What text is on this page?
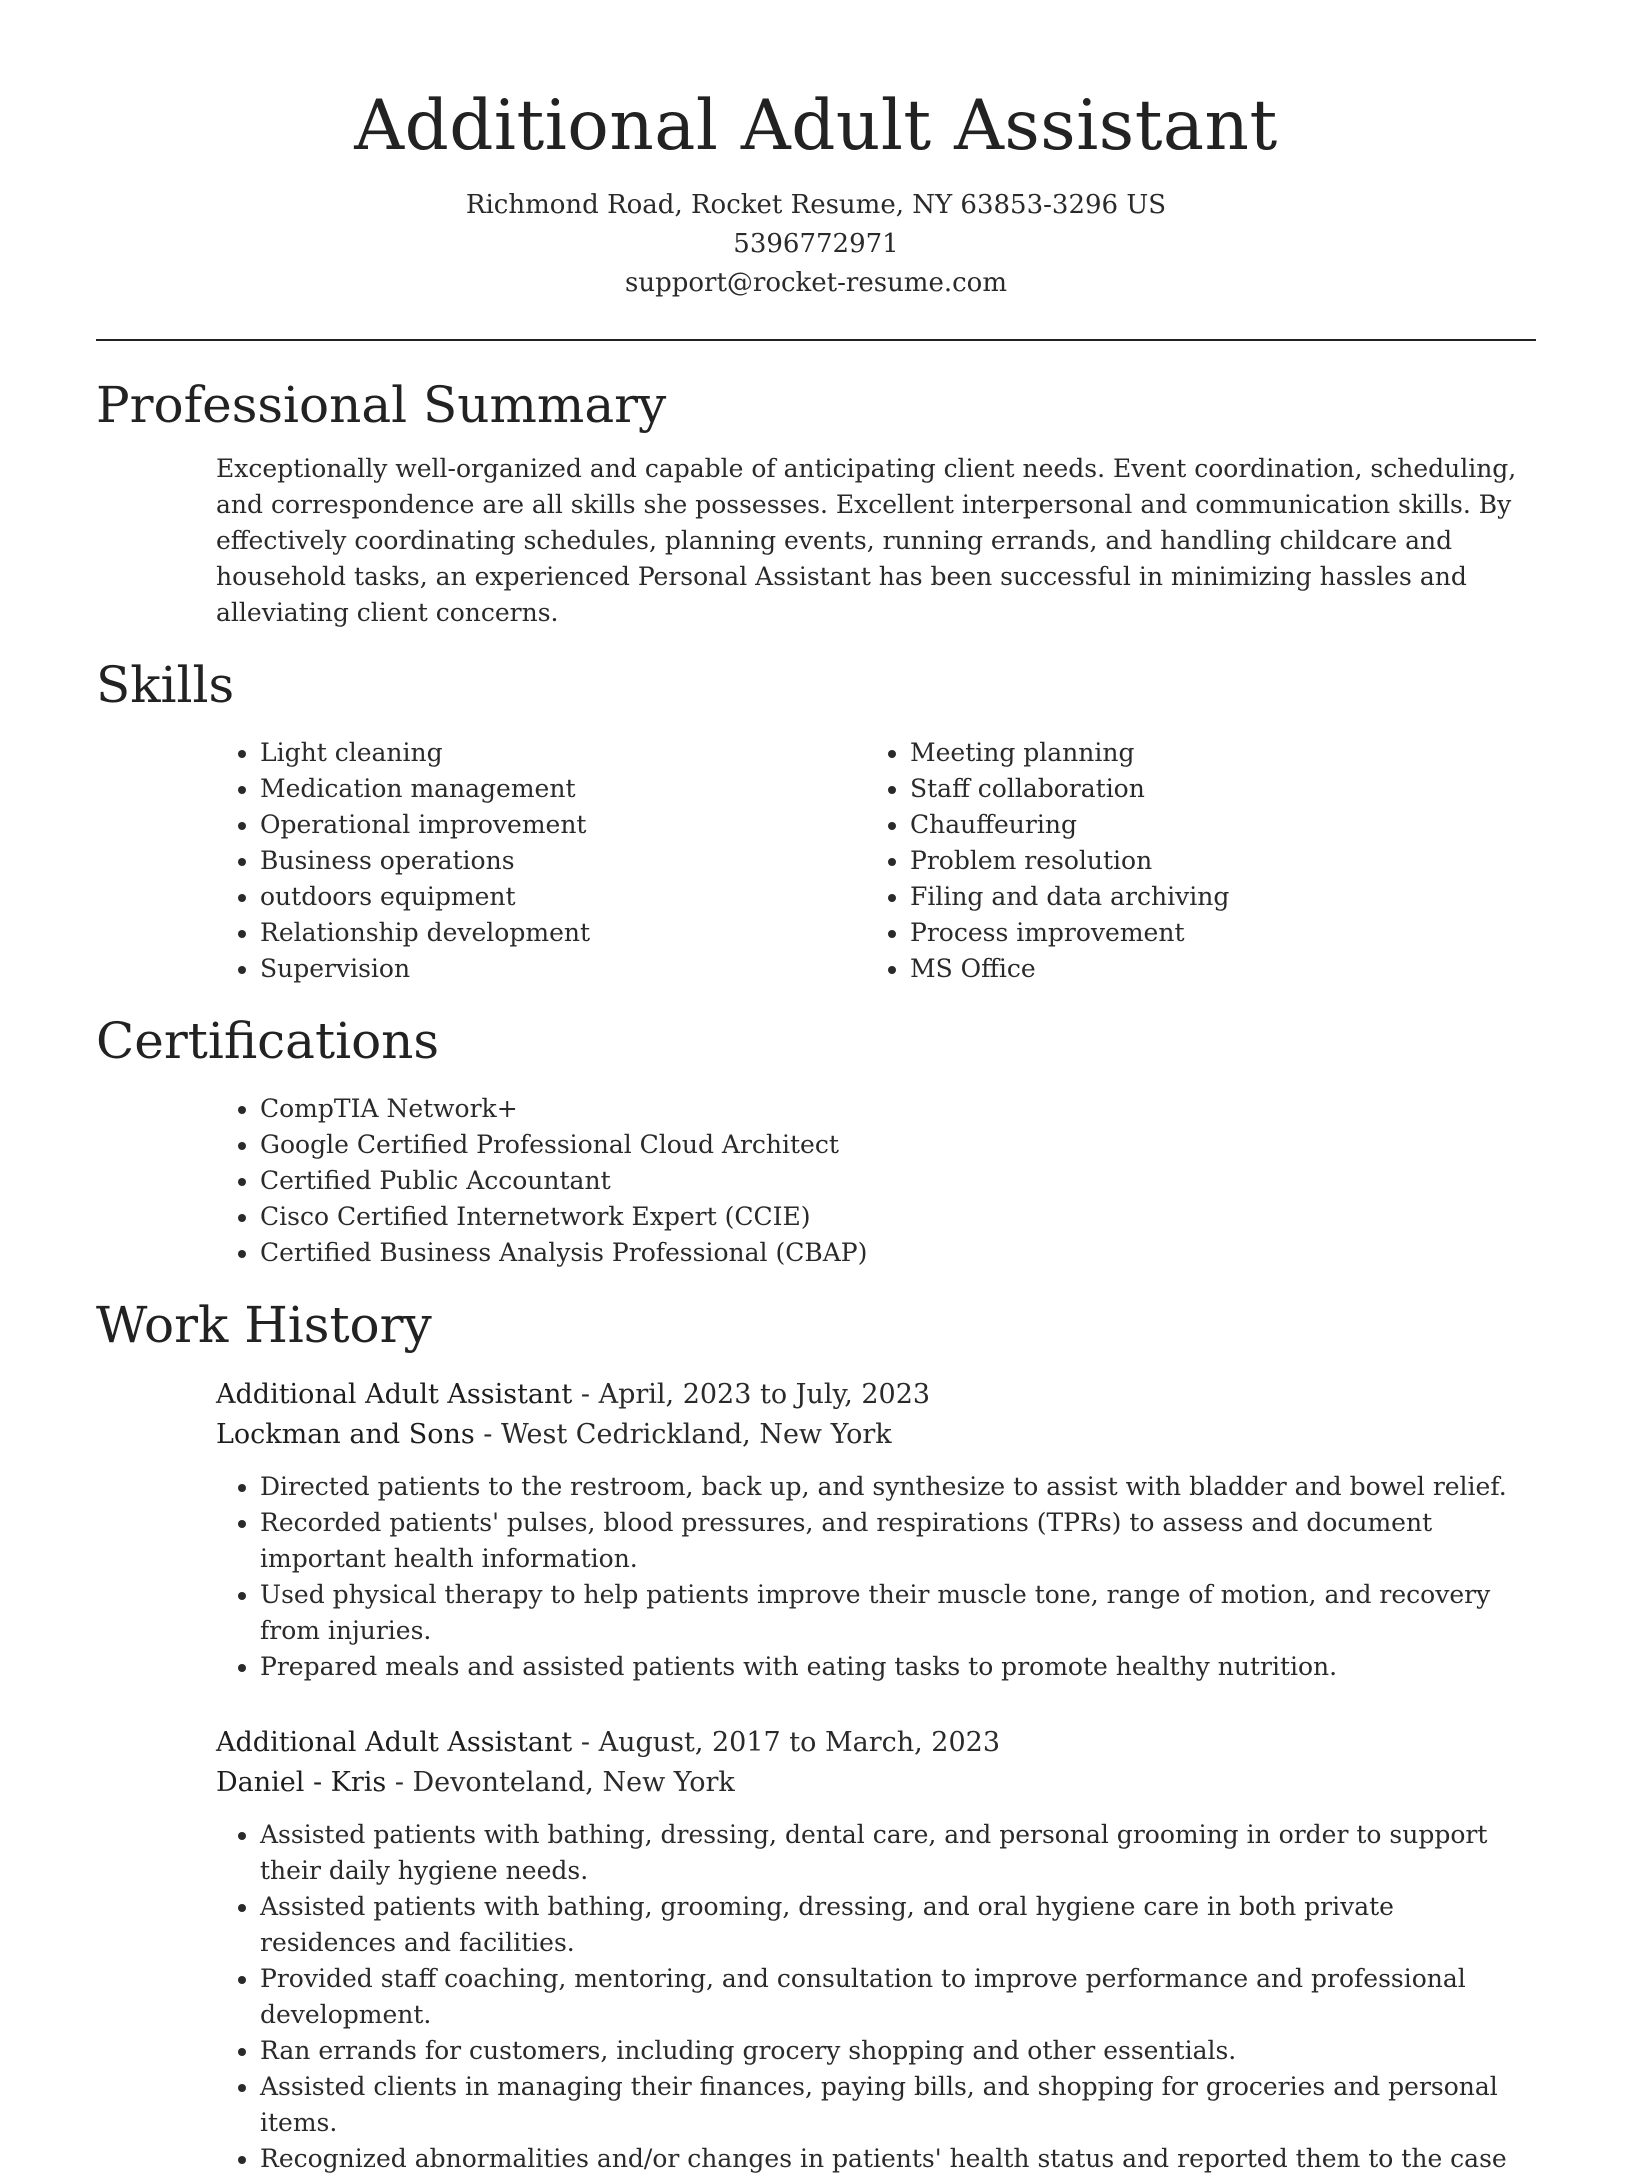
Additional Adult Assistant
Richmond Road, Rocket Resume, NY 63853-3296 US
5396772971
support@rocket-resume.com
Professional Summary

Exceptionally well-organized and capable of anticipating client needs. Event coordination, scheduling, and correspondence are all skills she possesses. Excellent interpersonal and communication skills. By effectively coordinating schedules, planning events, running errands, and handling childcare and household tasks, an experienced Personal Assistant has been successful in minimizing hassles and alleviating client concerns.

Skills
• Light cleaning
• Medication management
• Operational improvement
• Business operations
• outdoors equipment
• Relationship development
• Supervision
• Meeting planning
• Staff collaboration
• Chauffeuring
• Problem resolution
• Filing and data archiving
• Process improvement
• MS Office
Certifications
• CompTIA Network+
• Google Certified Professional Cloud Architect
• Certified Public Accountant
• Cisco Certified Internetwork Expert (CCIE)
• Certified Business Analysis Professional (CBAP)
Work History
Additional Adult Assistant - April, 2023 to July, 2023
Lockman and Sons - West Cedrickland, New York
• Directed patients to the restroom, back up, and synthesize to assist with bladder and bowel relief.
• Recorded patients' pulses, blood pressures, and respirations (TPRs) to assess and document important health information.
• Used physical therapy to help patients improve their muscle tone, range of motion, and recovery from injuries.
• Prepared meals and assisted patients with eating tasks to promote healthy nutrition.
Additional Adult Assistant - August, 2017 to March, 2023
Daniel - Kris - Devonteland, New York
• Assisted patients with bathing, dressing, dental care, and personal grooming in order to support their daily hygiene needs.
• Assisted patients with bathing, grooming, dressing, and oral hygiene care in both private residences and facilities.
• Provided staff coaching, mentoring, and consultation to improve performance and professional development.
• Ran errands for customers, including grocery shopping and other essentials.
• Assisted clients in managing their finances, paying bills, and shopping for groceries and personal items.
• Recognized abnormalities and/or changes in patients' health status and reported them to the case
